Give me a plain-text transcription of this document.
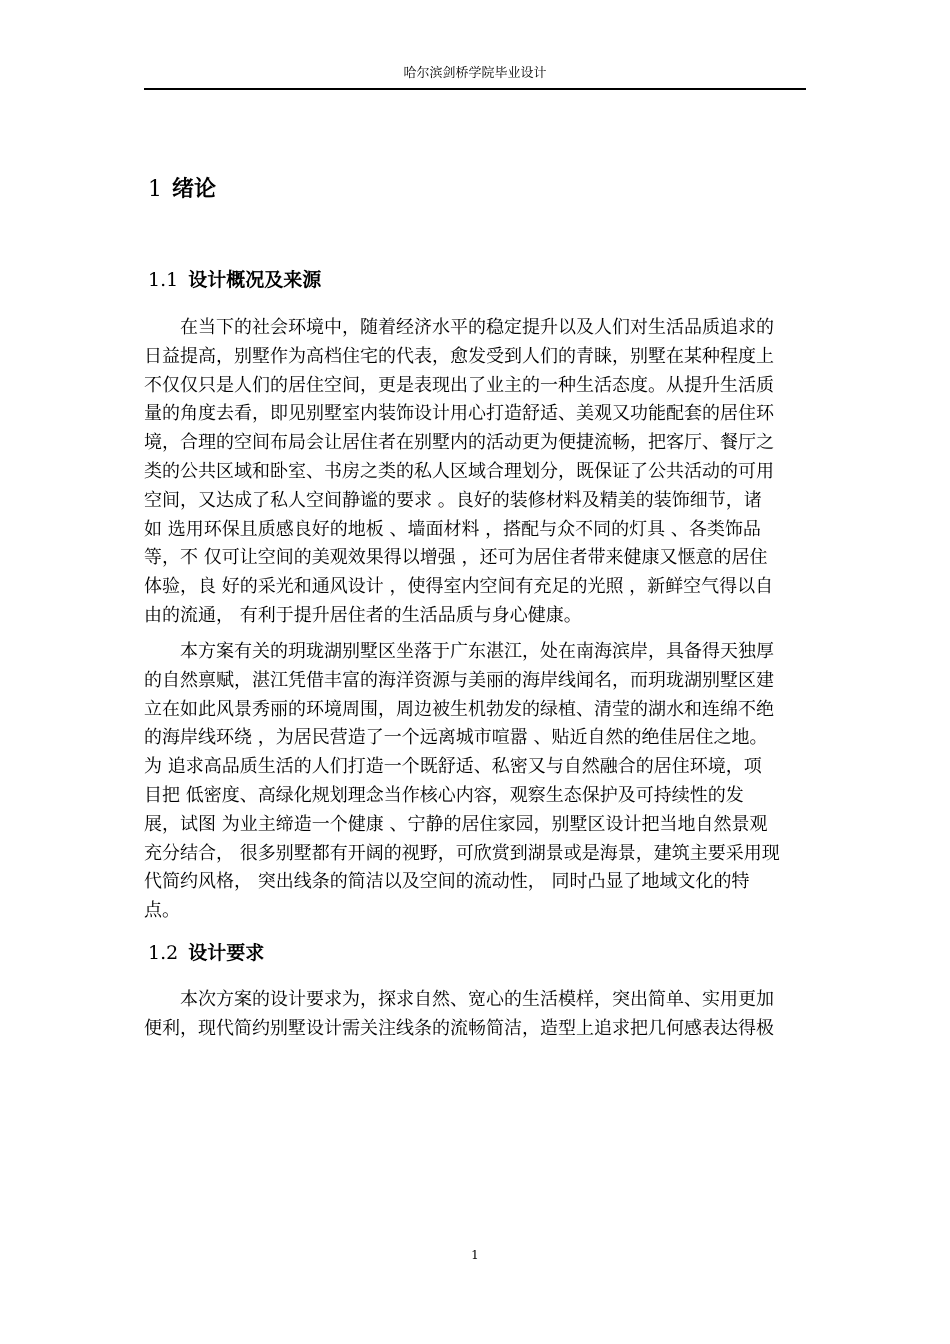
哈尔滨剑桥学院毕业设计
1 绪论
1.1 设计概况及来源
在当下的社会环境中，随着经济水平的稳定提升以及人们对生活品质追求的
日益提高，别墅作为高档住宅的代表，愈发受到人们的青睐，别墅在某种程度上
不仅仅只是人们的居住空间，更是表现出了业主的一种生活态度。从提升生活质
量的角度去看，即见别墅室内装饰设计用心打造舒适、美观又功能配套的居住环
境，合理的空间布局会让居住者在别墅内的活动更为便捷流畅，把客厅、餐厅之
类的公共区域和卧室、书房之类的私人区域合理划分，既保证了公共活动的可用
空间，又达成了私人空间静谧的要求 。良好的装修材料及精美的装饰细节，诸
如 选用环保且质感良好的地板 、墙面材料 ，搭配与众不同的灯具 、各类饰品
等，不 仅可让空间的美观效果得以增强 ，还可为居住者带来健康又惬意的居住
体验，良 好的采光和通风设计 ，使得室内空间有充足的光照 ，新鲜空气得以自
由的流通， 有利于提升居住者的生活品质与身心健康。
本方案有关的玥珑湖别墅区坐落于广东湛江，处在南海滨岸，具备得天独厚
的自然禀赋，湛江凭借丰富的海洋资源与美丽的海岸线闻名，而玥珑湖别墅区建
立在如此风景秀丽的环境周围，周边被生机勃发的绿植、清莹的湖水和连绵不绝
的海岸线环绕 ，为居民营造了一个远离城市喧嚣 、贴近自然的绝佳居住之地。
为 追求高品质生活的人们打造一个既舒适、私密又与自然融合的居住环境，项
目把 低密度、高绿化规划理念当作核心内容，观察生态保护及可持续性的发
展，试图 为业主缔造一个健康 、宁静的居住家园，别墅区设计把当地自然景观
充分结合， 很多别墅都有开阔的视野，可欣赏到湖景或是海景，建筑主要采用现
代简约风格， 突出线条的简洁以及空间的流动性， 同时凸显了地域文化的特
点。
1.2 设计要求
本次方案的设计要求为，探求自然、宽心的生活模样，突出简单、实用更加
便利，现代简约别墅设计需关注线条的流畅简洁，造型上追求把几何感表达得极
1
